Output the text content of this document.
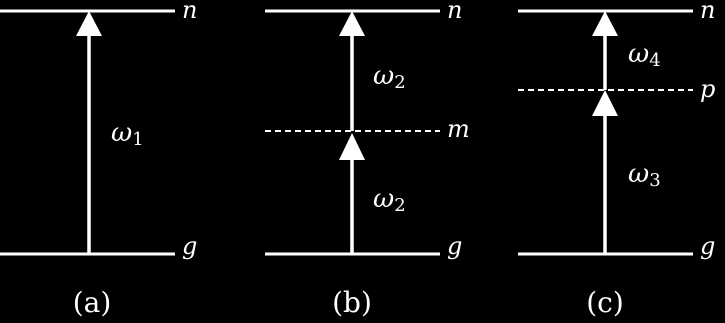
n
g
ω1
(a)
n
m
g
ω2
ω2
(b)
n
p
g
ω4
ω3
(c)
